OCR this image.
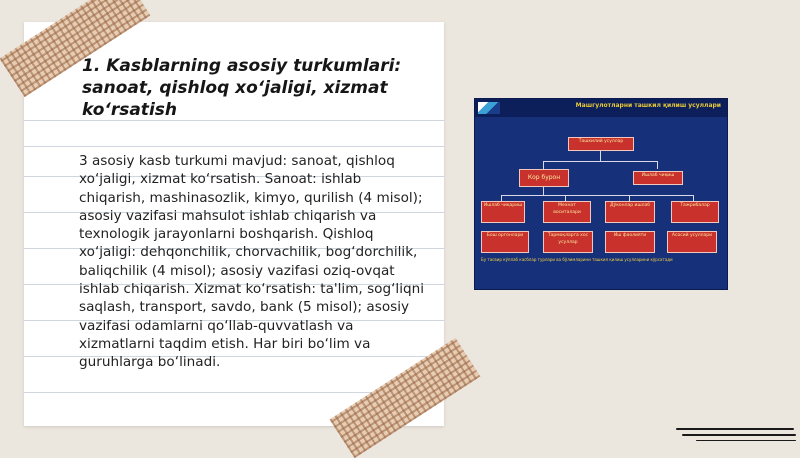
1. Kasblarning asosiy turkumlari: sanoat, qishloq xo‘jaligi, xizmat ko‘rsatish

3 asosiy kasb turkumi mavjud: sanoat, qishloq xo‘jaligi, xizmat ko‘rsatish. Sanoat: ishlab chiqarish, mashinasozlik, kimyo, qurilish (4 misol); asosiy vazifasi mahsulot ishlab chiqarish va texnologik jarayonlarni boshqarish. Qishloq xo‘jaligi: dehqonchilik, chorvachilik, bog‘dorchilik, baliqchilik (4 misol); asosiy vazifasi oziq-ovqat ishlab chiqarish. Xizmat ko‘rsatish: ta'lim, sog‘liqni saqlash, transport, savdo, bank (5 misol); asosiy vazifasi odamlarni qo‘llab-quvvatlash va xizmatlarni taqdim etish. Har biri bo‘lim va guruhlarga bo‘linadi.

Машгулотларни ташкил қилиш усуллари
Ташкилий усуллар
Кор бурон	Ишлаб чиқиш
Ишлаб чиқариш	Мехнат воситалари
Дўконлар ишлаб	Тажрибалар
Бош оргонлари	Тармоқларга хос усуллар
Иш фаолияти	Асосий усуллари
Бу тасвир кўплаб касблар турлари ва бўлимларини ташкил қилиш усулларини кўрсатади
